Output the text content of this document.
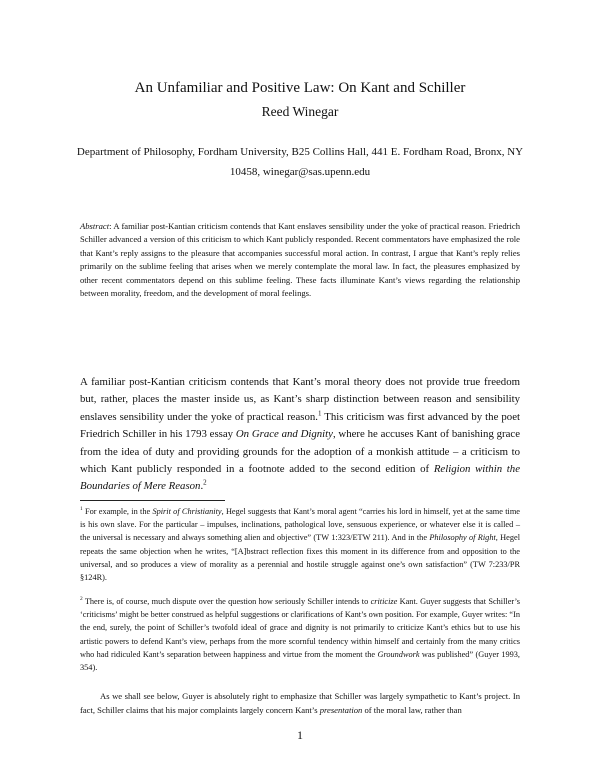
An Unfamiliar and Positive Law: On Kant and Schiller
Reed Winegar
Department of Philosophy, Fordham University, B25 Collins Hall, 441 E. Fordham Road, Bronx, NY
10458, winegar@sas.upenn.edu
Abstract: A familiar post-Kantian criticism contends that Kant enslaves sensibility under the yoke of practical reason. Friedrich Schiller advanced a version of this criticism to which Kant publicly responded. Recent commentators have emphasized the role that Kant’s reply assigns to the pleasure that accompanies successful moral action. In contrast, I argue that Kant’s reply relies primarily on the sublime feeling that arises when we merely contemplate the moral law. In fact, the pleasures emphasized by other recent commentators depend on this sublime feeling. These facts illuminate Kant’s views regarding the relationship between morality, freedom, and the development of moral feelings.
A familiar post-Kantian criticism contends that Kant’s moral theory does not provide true freedom but, rather, places the master inside us, as Kant’s sharp distinction between reason and sensibility enslaves sensibility under the yoke of practical reason.$^1$ This criticism was first advanced by the poet Friedrich Schiller in his 1793 essay On Grace and Dignity, where he accuses Kant of banishing grace from the idea of duty and providing grounds for the adoption of a monkish attitude – a criticism to which Kant publicly responded in a footnote added to the second edition of Religion within the Boundaries of Mere Reason.$^2$
$^1$ For example, in the Spirit of Christianity, Hegel suggests that Kant’s moral agent “carries his lord in himself, yet at the same time is his own slave. For the particular – impulses, inclinations, pathological love, sensuous experience, or whatever else it is called – the universal is necessary and always something alien and objective” (TW 1:323/ETW 211). And in the Philosophy of Right, Hegel repeats the same objection when he writes, “[A]bstract reflection fixes this moment in its difference from and opposition to the universal, and so produces a view of morality as a perennial and hostile struggle against one’s own satisfaction” (TW 7:233/PR §124R).
$^2$ There is, of course, much dispute over the question how seriously Schiller intends to criticize Kant. Guyer suggests that Schiller’s ‘criticisms’ might be better construed as helpful suggestions or clarifications of Kant’s own position. For example, Guyer writes: “In the end, surely, the point of Schiller’s twofold ideal of grace and dignity is not primarily to criticize Kant’s ethics but to use his artistic powers to defend Kant’s view, perhaps from the more scornful tendency within himself and certainly from the many critics who had ridiculed Kant’s separation between happiness and virtue from the moment the Groundwork was published” (Guyer 1993, 354).
As we shall see below, Guyer is absolutely right to emphasize that Schiller was largely sympathetic to Kant’s project. In fact, Schiller claims that his major complaints largely concern Kant’s presentation of the moral law, rather than
1
